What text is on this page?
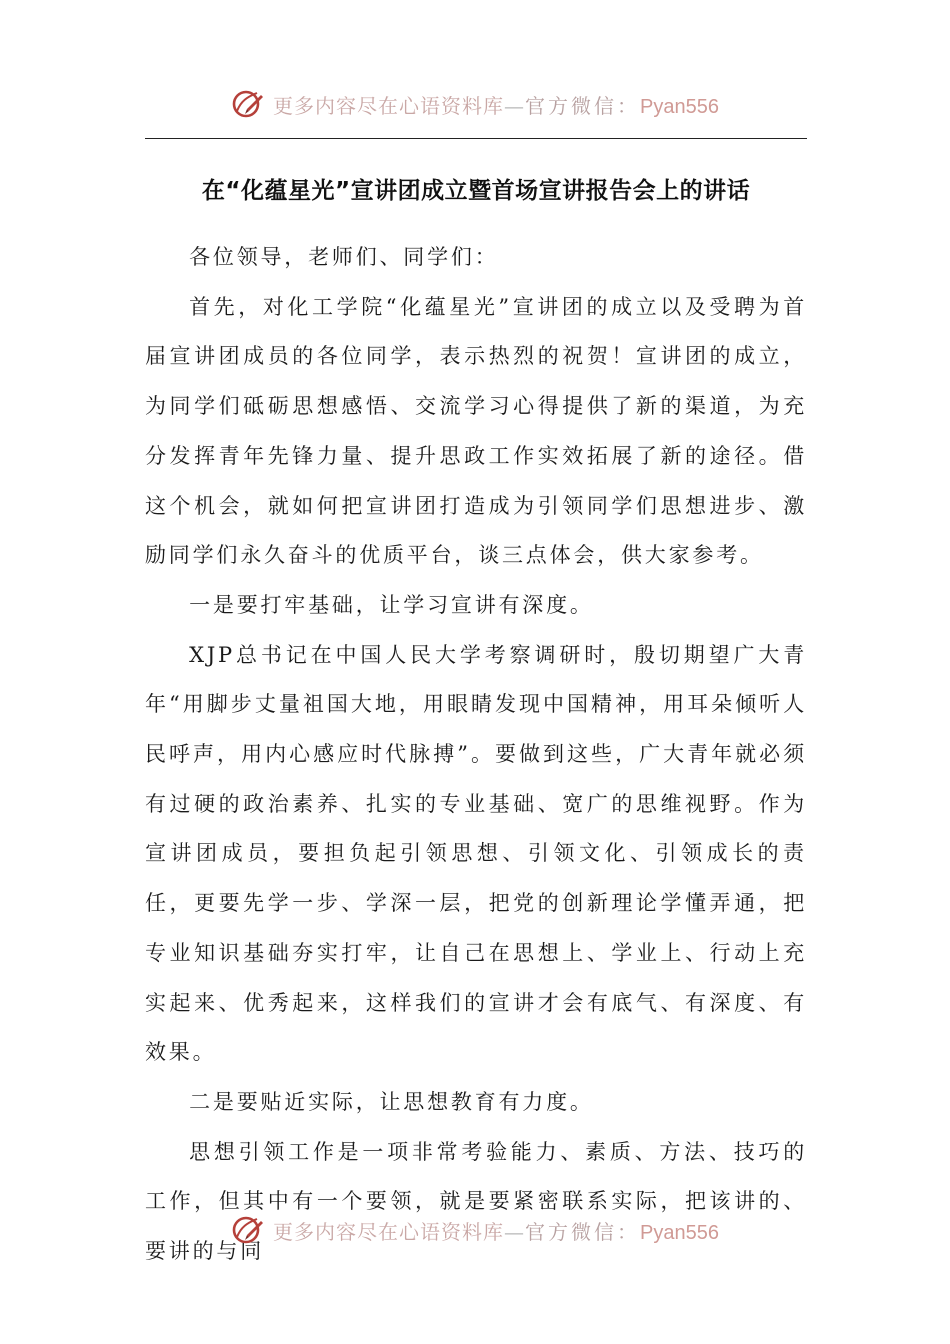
更多内容尽在心语资料库—官方微信：Pyan556
在“化蕴星光”宣讲团成立暨首场宣讲报告会上的讲话

各位领导，老师们、同学们：

首先，对化工学院“化蕴星光”宣讲团的成立以及受聘为首届宣讲团成员的各位同学，表示热烈的祝贺！宣讲团的成立，为同学们砥砺思想感悟、交流学习心得提供了新的渠道，为充分发挥青年先锋力量、提升思政工作实效拓展了新的途径。借这个机会，就如何把宣讲团打造成为引领同学们思想进步、激励同学们永久奋斗的优质平台，谈三点体会，供大家参考。

一是要打牢基础，让学习宣讲有深度。

XJP总书记在中国人民大学考察调研时，殷切期望广大青年“用脚步丈量祖国大地，用眼睛发现中国精神，用耳朵倾听人民呼声，用内心感应时代脉搏”。要做到这些，广大青年就必须有过硬的政治素养、扎实的专业基础、宽广的思维视野。作为宣讲团成员，要担负起引领思想、引领文化、引领成长的责任，更要先学一步、学深一层，把党的创新理论学懂弄通，把专业知识基础夯实打牢，让自己在思想上、学业上、行动上充实起来、优秀起来，这样我们的宣讲才会有底气、有深度、有效果。

二是要贴近实际，让思想教育有力度。

思想引领工作是一项非常考验能力、素质、方法、技巧的工作，但其中有一个要领，就是要紧密联系实际，把该讲的、要讲的与同

更多内容尽在心语资料库—官方微信：Pyan556
